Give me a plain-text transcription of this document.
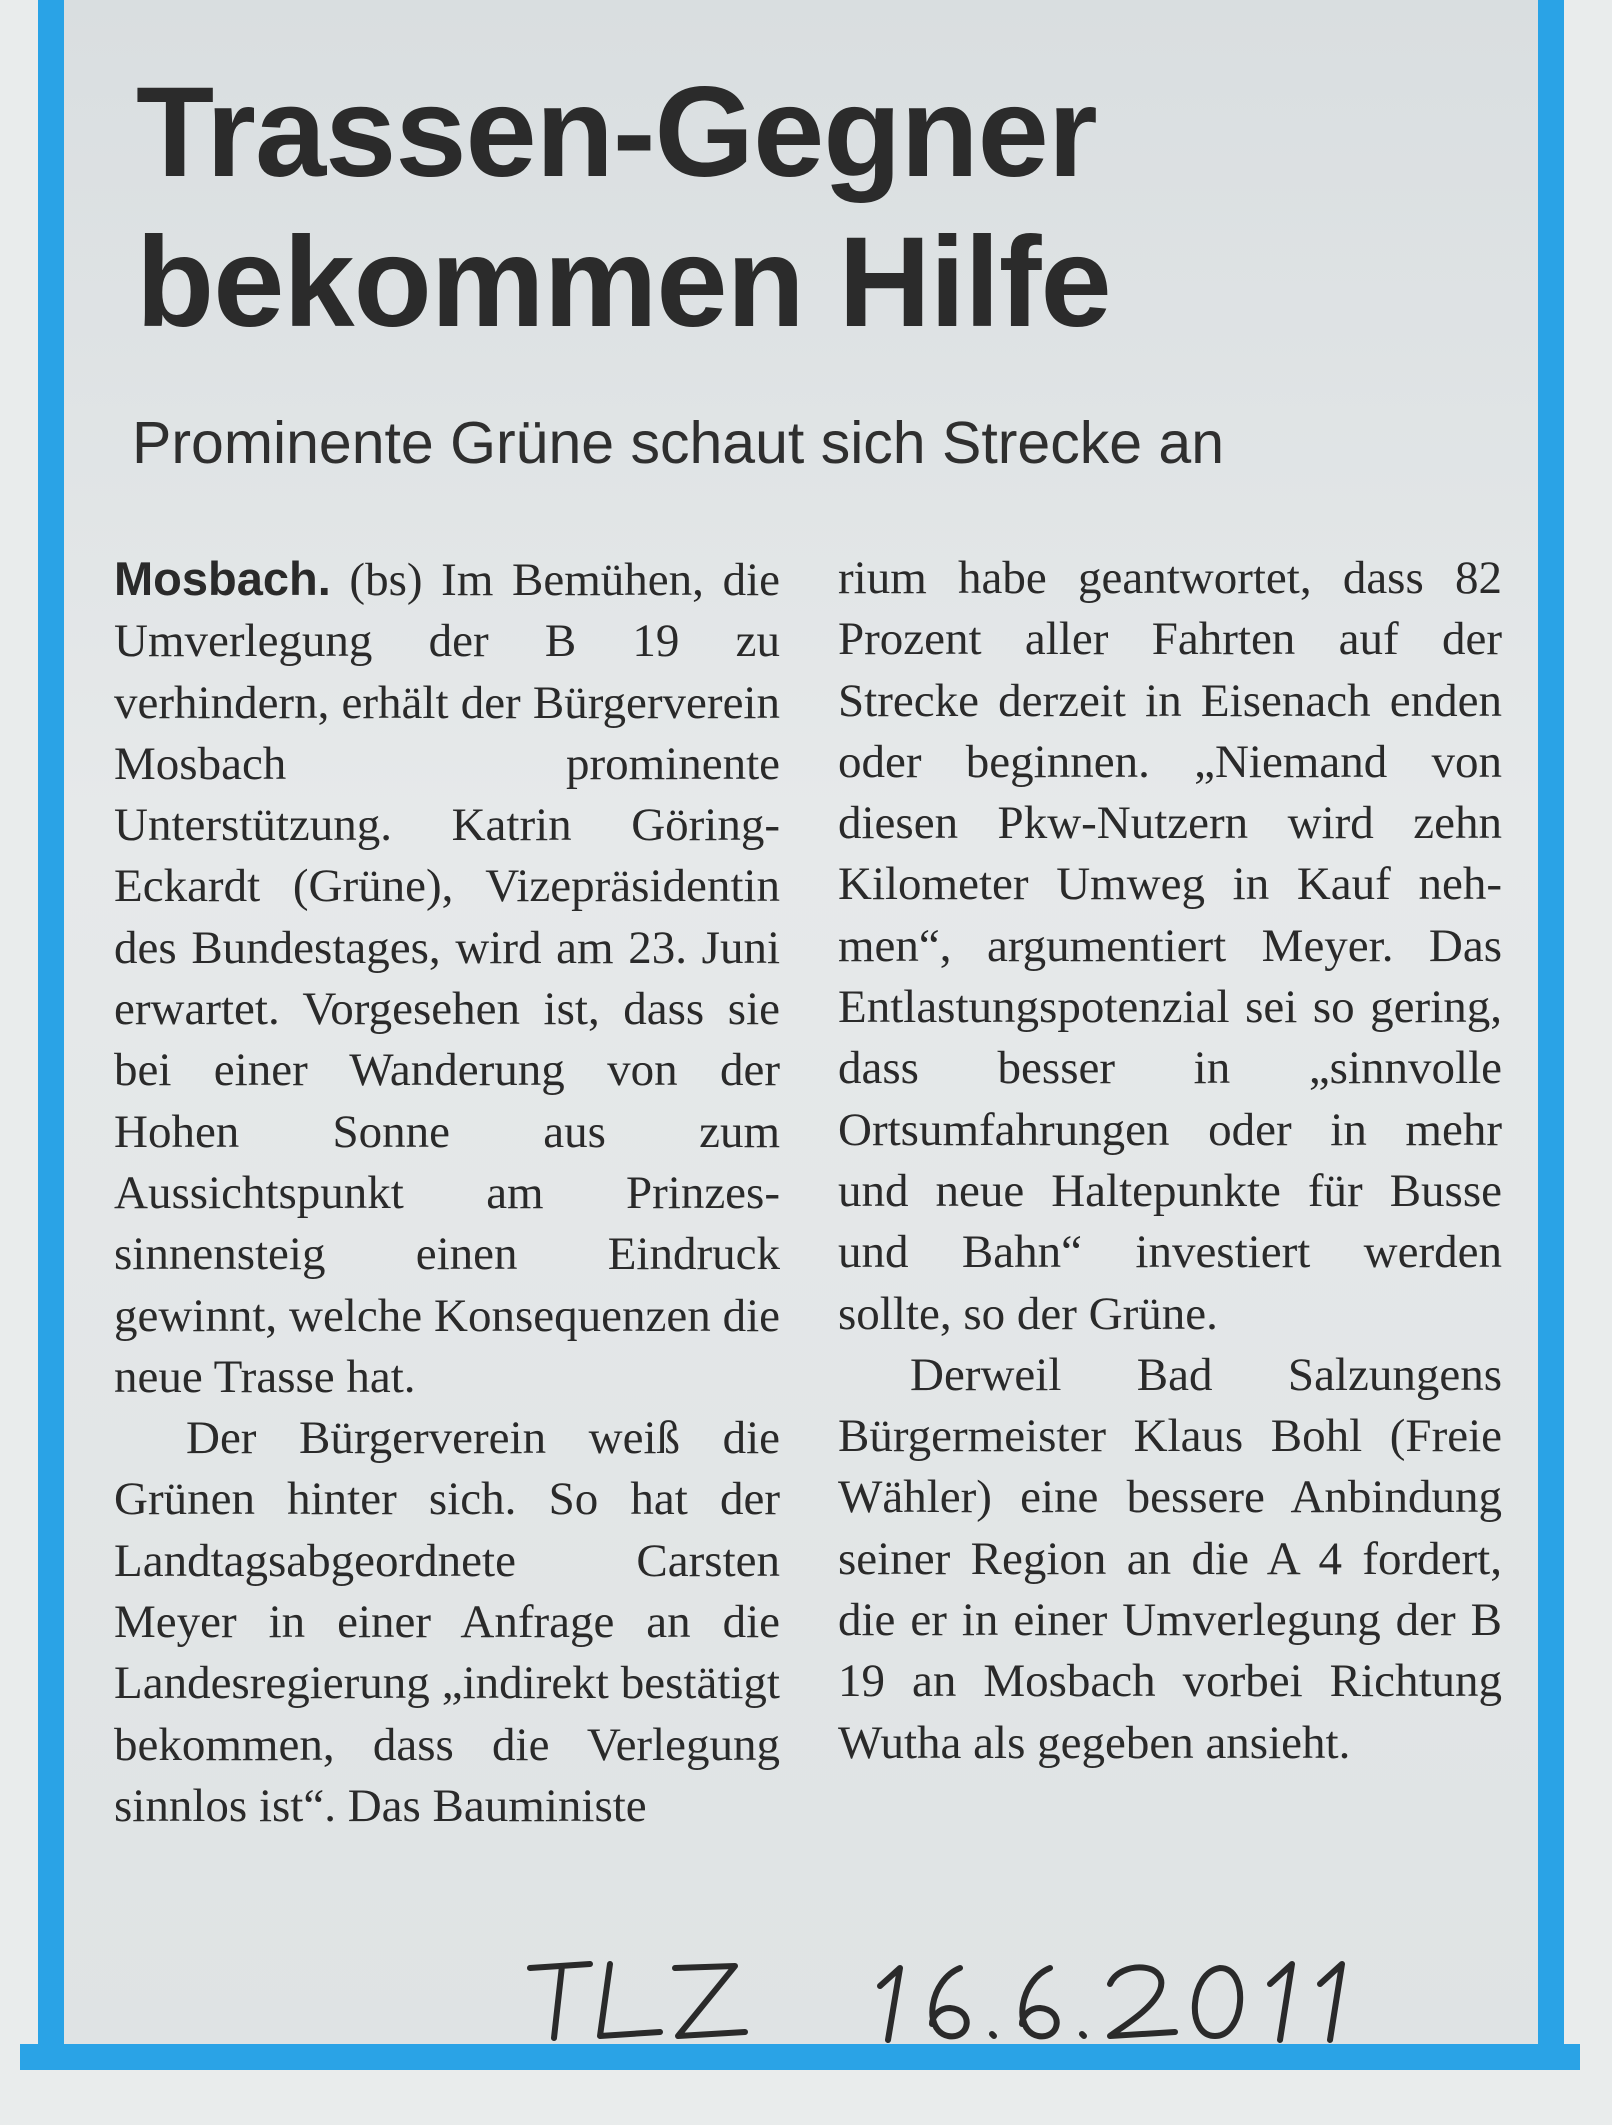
Trassen-Gegner
bekommen Hilfe
Prominente Grüne schaut sich Strecke an

Mosbach. (bs) Im Bemühen, die Umverlegung der B 19 zu verhindern, erhält der Bürgerverein Mosbach prominente Unterstützung. Katrin Göring-Eckardt (Grüne), Vizepräsidentin des Bundestages, wird am 23. Juni erwartet. Vorgesehen ist, dass sie bei einer Wanderung von der Hohen Sonne aus zum Aussichtspunkt am Prinzessinnensteig einen Eindruck gewinnt, welche Konsequenzen die neue Trasse hat.

Der Bürgerverein weiß die Grünen hinter sich. So hat der Landtagsabgeordnete Carsten Meyer in einer Anfrage an die Landesregierung „indirekt bestätigt bekommen, dass die Verlegung sinnlos ist“. Das Bauministe

rium habe geantwortet, dass 82 Prozent aller Fahrten auf der Strecke derzeit in Eisenach enden oder beginnen. „Niemand von diesen Pkw-Nutzern wird zehn Kilometer Umweg in Kauf nehmen“, argumentiert Meyer. Das Entlastungspotenzial sei so gering, dass besser in „sinnvolle Ortsumfahrungen oder in mehr und neue Haltepunkte für Busse und Bahn“ investiert werden sollte, so der Grüne.

Derweil Bad Salzungens Bürgermeister Klaus Bohl (Freie Wähler) eine bessere Anbindung seiner Region an die A 4 fordert, die er in einer Umverlegung der B 19 an Mosbach vorbei Richtung Wutha als gegeben ansieht.
